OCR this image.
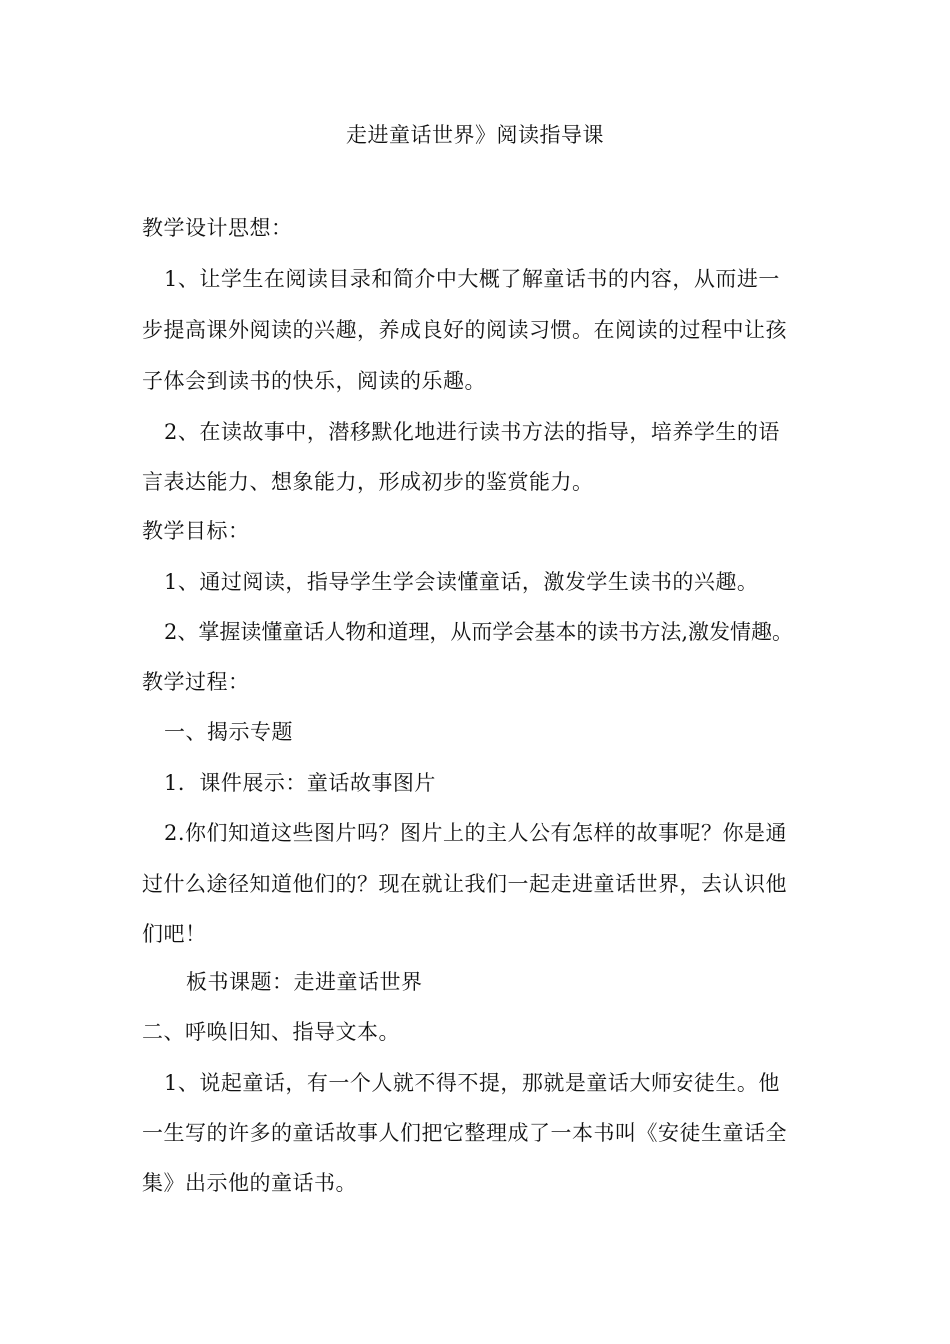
走进童话世界》阅读指导课
教学设计思想：
1、让学生在阅读目录和简介中大概了解童话书的内容，从而进一
步提高课外阅读的兴趣，养成良好的阅读习惯。在阅读的过程中让孩
子体会到读书的快乐，阅读的乐趣。
2、在读故事中，潜移默化地进行读书方法的指导，培养学生的语
言表达能力、想象能力，形成初步的鉴赏能力。
教学目标：
1、通过阅读，指导学生学会读懂童话，激发学生读书的兴趣。
2、掌握读懂童话人物和道理，从而学会基本的读书方法,激发情趣。
教学过程：
一、揭示专题
1．课件展示：童话故事图片
2.你们知道这些图片吗？图片上的主人公有怎样的故事呢？你是通
过什么途径知道他们的？现在就让我们一起走进童话世界，去认识他
们吧！
板书课题：走进童话世界
二、呼唤旧知、指导文本。
1、说起童话，有一个人就不得不提，那就是童话大师安徒生。他
一生写的许多的童话故事人们把它整理成了一本书叫《安徒生童话全
集》出示他的童话书。
